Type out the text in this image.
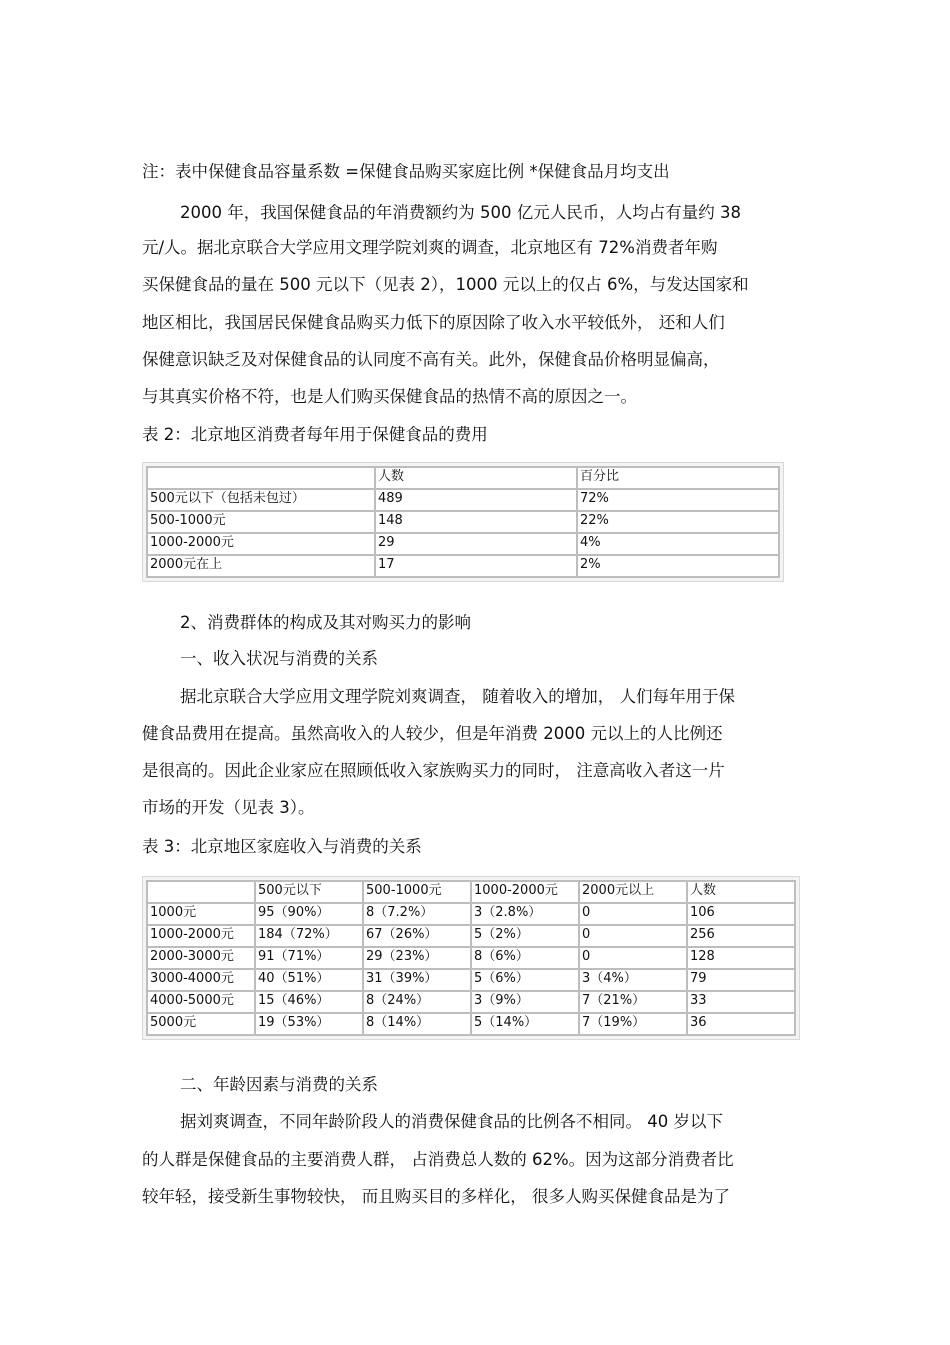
注：表中保健食品容量系数 =保健食品购买家庭比例 *保健食品月均支出
2000 年，我国保健食品的年消费额约为 500 亿元人民币，人均占有量约 38
元/人。据北京联合大学应用文理学院刘爽的调查，北京地区有 72%消费者年购
买保健食品的量在 500 元以下（见表 2），1000 元以上的仅占 6%，与发达国家和
地区相比，我国居民保健食品购买力低下的原因除了收入水平较低外， 还和人们
保健意识缺乏及对保健食品的认同度不高有关。此外，保健食品价格明显偏高，
与其真实价格不符，也是人们购买保健食品的热情不高的原因之一。
表 2：北京地区消费者每年用于保健食品的费用
	人数	百分比
500元以下（包括未包过）	489	72%
500-1000元	148	22%
1000-2000元	29	4%
2000元在上	17	2%
2、消费群体的构成及其对购买力的影响
一、收入状况与消费的关系
据北京联合大学应用文理学院刘爽调查， 随着收入的增加， 人们每年用于保
健食品费用在提高。虽然高收入的人较少，但是年消费 2000 元以上的人比例还
是很高的。因此企业家应在照顾低收入家族购买力的同时， 注意高收入者这一片
市场的开发（见表 3）。
表 3：北京地区家庭收入与消费的关系
	500元以下	500-1000元	1000-2000元	2000元以上	人数
1000元	95（90%）	8（7.2%）	3（2.8%）	0	106
1000-2000元	184（72%）	67（26%）	5（2%）	0	256
2000-3000元	91（71%）	29（23%）	8（6%）	0	128
3000-4000元	40（51%）	31（39%）	5（6%）	3（4%）	79
4000-5000元	15（46%）	8（24%）	3（9%）	7（21%）	33
5000元	19（53%）	8（14%）	5（14%）	7（19%）	36
二、年龄因素与消费的关系
据刘爽调查，不同年龄阶段人的消费保健食品的比例各不相同。 40 岁以下
的人群是保健食品的主要消费人群， 占消费总人数的 62%。因为这部分消费者比
较年轻，接受新生事物较快， 而且购买目的多样化， 很多人购买保健食品是为了
